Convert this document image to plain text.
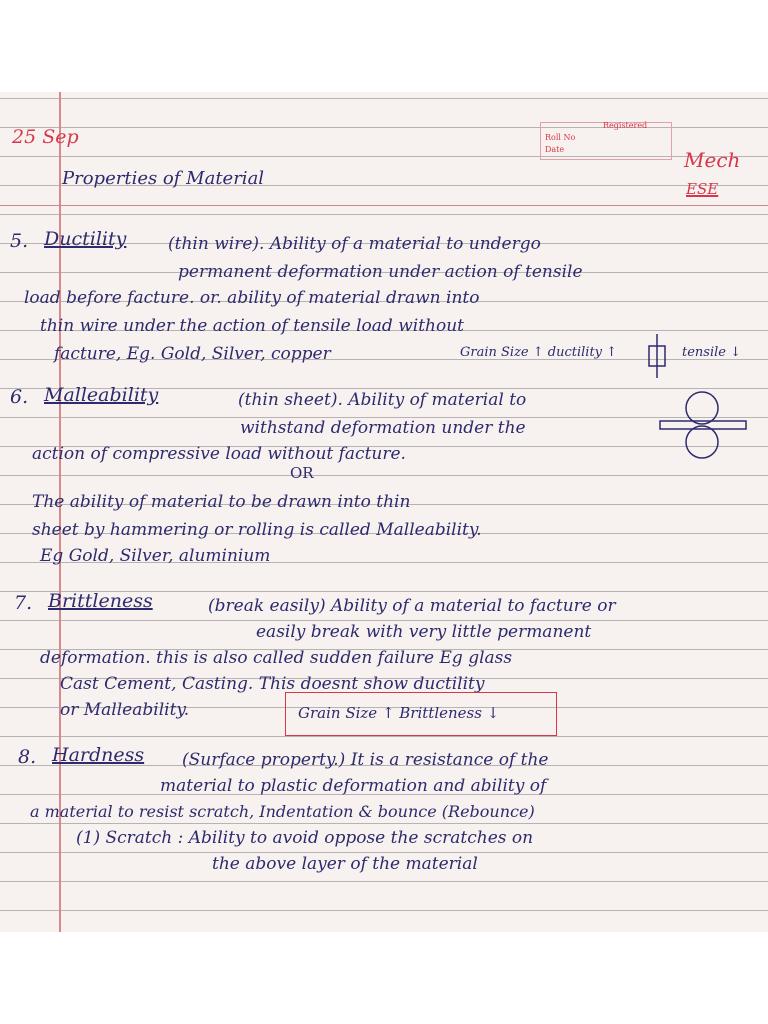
25 Sep
Properties of Material
Registered
Roll No
Date	Mech
ESE
5. Ductility (thin wire). Ability of a material to undergo
permanent deformation under action of tensile
load before facture. or. ability of material drawn into
thin wire under the action of tensile load without
facture, Eg. Gold, Silver, copper	Grain Size ↑ ductility ↑	tensile ↓
6. Malleability	(thin sheet). Ability of material to
withstand deformation under the
action of compressive load without facture.
OR
The ability of material to be drawn into thin
sheet by hammering or rolling is called Malleability.
Eg Gold, Silver, aluminium
7. Brittleness	(break easily) Ability of a material to facture or
easily break with very little permanent
deformation. this is also called sudden failure Eg glass
Cast Cement, Casting. This doesnt show ductility
or Malleability.	Grain Size ↑ Brittleness ↓
8. Hardness (Surface property.) It is a resistance of the
material to plastic deformation and ability of
a material to resist scratch, Indentation & bounce (Rebounce)
(1) Scratch : Ability to avoid oppose the scratches on
the above layer of the material
